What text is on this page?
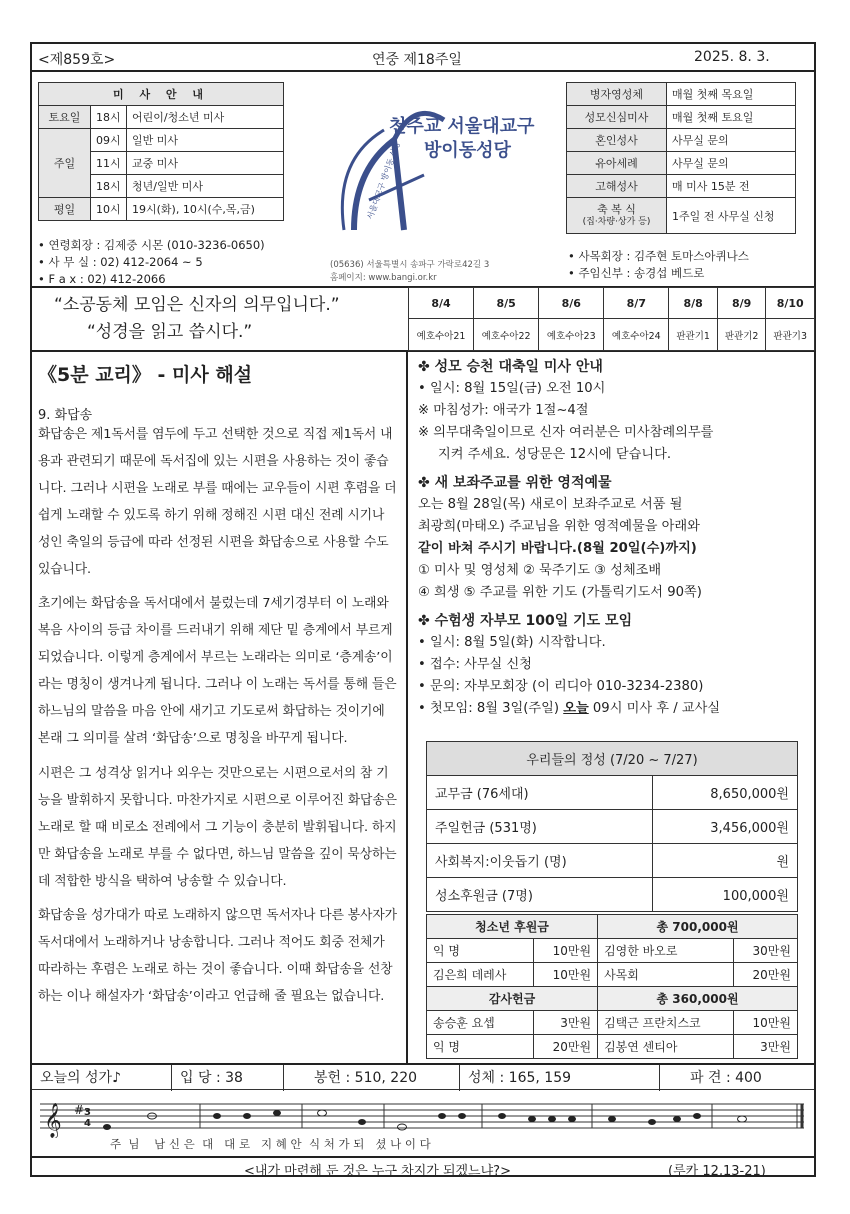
<제859호>	연중 제18주일	2025. 8. 3.
미 사 안 내		
토요일	18시	어린이/청소년 미사
주일	09시	일반 미사
	11시	교중 미사
	18시	청년/일반 미사
평일	10시	19시(화), 10시(수,목,금)
• 연령회장 : 김제중 시몬 (010-3236-0650)
• 사 무 실 : 02) 412-2064 ~ 5
• F a x : 02) 412-2066
서울대교구 방이동 성당
천주교 서울대교구
방이동성당
(05636) 서울특별시 송파구 가락로42길 3
홈페이지: www.bangi.or.kr
병자영성체	매월 첫째 목요일
성모신심미사	매월 첫째 토요일
혼인성사	사무실 문의
유아세례	사무실 문의
고해성사	매 미사 15분 전

축 복 식
(집·차량·상가 등)	1주일 전 사무실 신청
• 사목회장 : 김주현 토마스아퀴나스
• 주임신부 : 송경섭 베드로
“소공동체 모임은 신자의 의무입니다.”
“성경을 읽고 씁시다.”
8/4	8/5	8/6	8/7	8/8	8/9	8/10
예호수아21	예호수아22	예호수아23	예호수아24	판관기1	판관기2	판관기3
《5분 교리》 - 미사 해설
9. 화답송

화답송은 제1독서를 염두에 두고 선택한 것으로 직접 제1독서 내용과 관련되기 때문에 독서집에 있는 시편을 사용하는 것이 좋습니다. 그러나 시편을 노래로 부를 때에는 교우들이 시편 후렴을 더 쉽게 노래할 수 있도록 하기 위해 정해진 시편 대신 전례 시기나 성인 축일의 등급에 따라 선정된 시편을 화답송으로 사용할 수도 있습니다.

초기에는 화답송을 독서대에서 불렀는데 7세기경부터 이 노래와 복음 사이의 등급 차이를 드러내기 위해 제단 밑 층계에서 부르게 되었습니다. 이렇게 층계에서 부르는 노래라는 의미로 ‘층계송’이라는 명칭이 생겨나게 됩니다. 그러나 이 노래는 독서를 통해 들은 하느님의 말씀을 마음 안에 새기고 기도로써 화답하는 것이기에 본래 그 의미를 살려 ‘화답송’으로 명칭을 바꾸게 됩니다.

시편은 그 성격상 읽거나 외우는 것만으로는 시편으로서의 참 기능을 발휘하지 못합니다. 마찬가지로 시편으로 이루어진 화답송은 노래로 할 때 비로소 전례에서 그 기능이 충분히 발휘됩니다. 하지만 화답송을 노래로 부를 수 없다면, 하느님 말씀을 깊이 묵상하는 데 적합한 방식을 택하여 낭송할 수 있습니다.

화답송을 성가대가 따로 노래하지 않으면 독서자나 다른 봉사자가 독서대에서 노래하거나 낭송합니다. 그러나 적어도 회중 전체가 따라하는 후렴은 노래로 하는 것이 좋습니다. 이때 화답송을 선창하는 이나 해설자가 ‘화답송’이라고 언급해 줄 필요는 없습니다.

✤ 성모 승천 대축일 미사 안내
• 일시: 8월 15일(금) 오전 10시
※ 마침성가: 애국가 1절~4절
※ 의무대축일이므로 신자 여러분은 미사참례의무를
지켜 주세요. 성당문은 12시에 닫습니다.
✤ 새 보좌주교를 위한 영적예물
오는 8월 28일(목) 새로이 보좌주교로 서품 될
최광희(마태오) 주교님을 위한 영적예물을 아래와
같이 바쳐 주시기 바랍니다.(8월 20일(수)까지)
① 미사 및 영성체 ② 묵주기도 ③ 성체조배
④ 희생 ⑤ 주교를 위한 기도 (가톨릭기도서 90쪽)
✤ 수험생 자부모 100일 기도 모임
• 일시: 8월 5일(화) 시작합니다.
• 접수: 사무실 신청
• 문의: 자부모회장 (이 리디아 010-3234-2380)
• 첫모임: 8월 3일(주일) 오늘 09시 미사 후 / 교사실
우리들의 정성 (7/20 ~ 7/27)	
교무금 (76세대)	8,650,000원
주일헌금 (531명)	3,456,000원
사회복지:이웃돕기 (명)	원
성소후원금 (7명)	100,000원
청소년 후원금		총 700,000원	
익 명	10만원	김영한 바오로	30만원
김은희 데레사	10만원	사목회	20만원
감사헌금		총 360,000원	
송승훈 요셉	3만원	김택근 프란치스코	10만원
익 명	20만원	김봉연 센티아	3만원
오늘의 성가♪	입 당 : 38	봉헌 : 510, 220	성체 : 165, 159	파 견 : 400
𝄞 # 3
4
주  님    남 신 은  대   대 로   지 혜 안  식 처 가 되   셨 나 이 다
<내가 마련해 둔 것은 누구 차지가 되겠느냐?>	(루카 12,13-21)
